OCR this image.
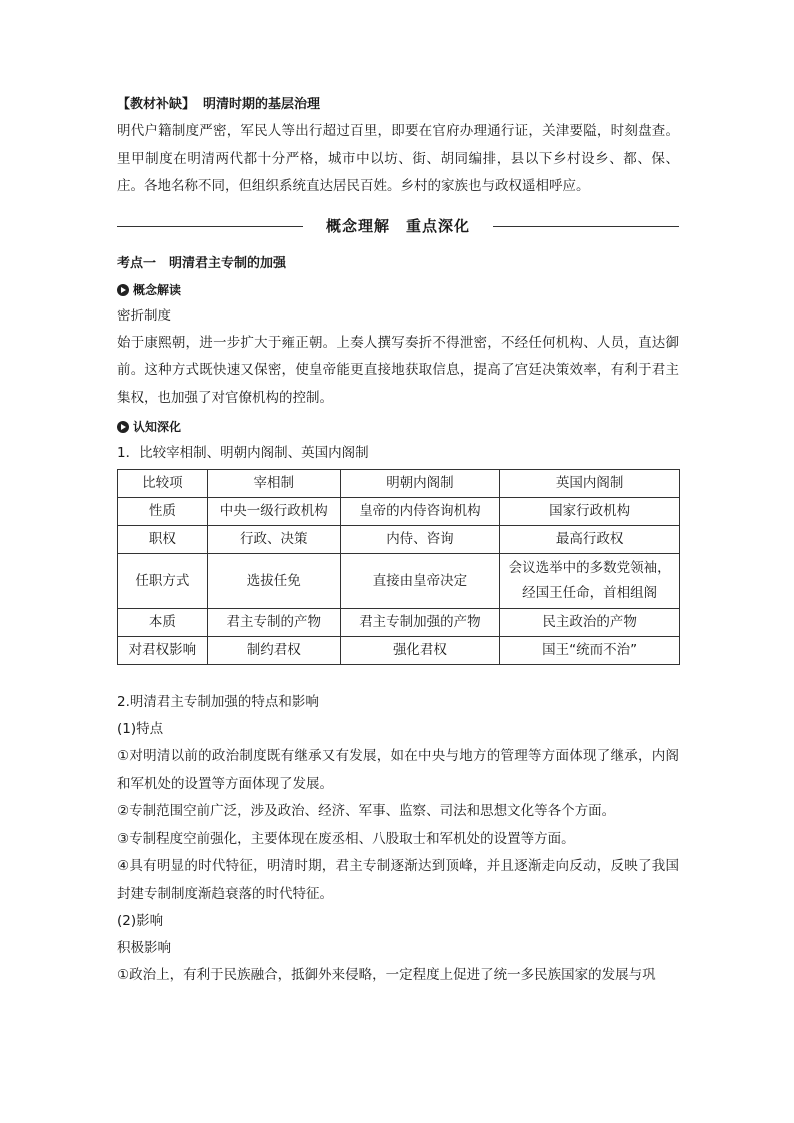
【教材补缺】 明清时期的基层治理

明代户籍制度严密，军民人等出行超过百里，即要在官府办理通行证，关津要隘，时刻盘查。里甲制度在明清两代都十分严格，城市中以坊、街、胡同编排，县以下乡村设乡、都、保、庄。各地名称不同，但组织系统直达居民百姓。乡村的家族也与政权遥相呼应。

概念理解　重点深化
考点一　明清君主专制的加强
概念解读
密折制度

始于康熙朝，进一步扩大于雍正朝。上奏人撰写奏折不得泄密，不经任何机构、人员，直达御前。这种方式既快速又保密，使皇帝能更直接地获取信息，提高了宫廷决策效率，有利于君主集权，也加强了对官僚机构的控制。

认知深化
1．比较宰相制、明朝内阁制、英国内阁制
比较项	宰相制	明朝内阁制	英国内阁制
性质	中央一级行政机构	皇帝的内侍咨询机构	国家行政机构
职权	行政、决策	内侍、咨询	最高行政权
任职方式	选拔任免	直接由皇帝决定	会议选举中的多数党领袖，经国王任命，首相组阁
本质	君主专制的产物	君主专制加强的产物	民主政治的产物
对君权影响	制约君权	强化君权	国王“统而不治”
2.明清君主专制加强的特点和影响
(1)特点

①对明清以前的政治制度既有继承又有发展，如在中央与地方的管理等方面体现了继承，内阁和军机处的设置等方面体现了发展。

②专制范围空前广泛，涉及政治、经济、军事、监察、司法和思想文化等各个方面。

③专制程度空前强化，主要体现在废丞相、八股取士和军机处的设置等方面。

④具有明显的时代特征，明清时期，君主专制逐渐达到顶峰，并且逐渐走向反动，反映了我国封建专制制度渐趋衰落的时代特征。

(2)影响
积极影响

①政治上，有利于民族融合，抵御外来侵略，一定程度上促进了统一多民族国家的发展与巩
